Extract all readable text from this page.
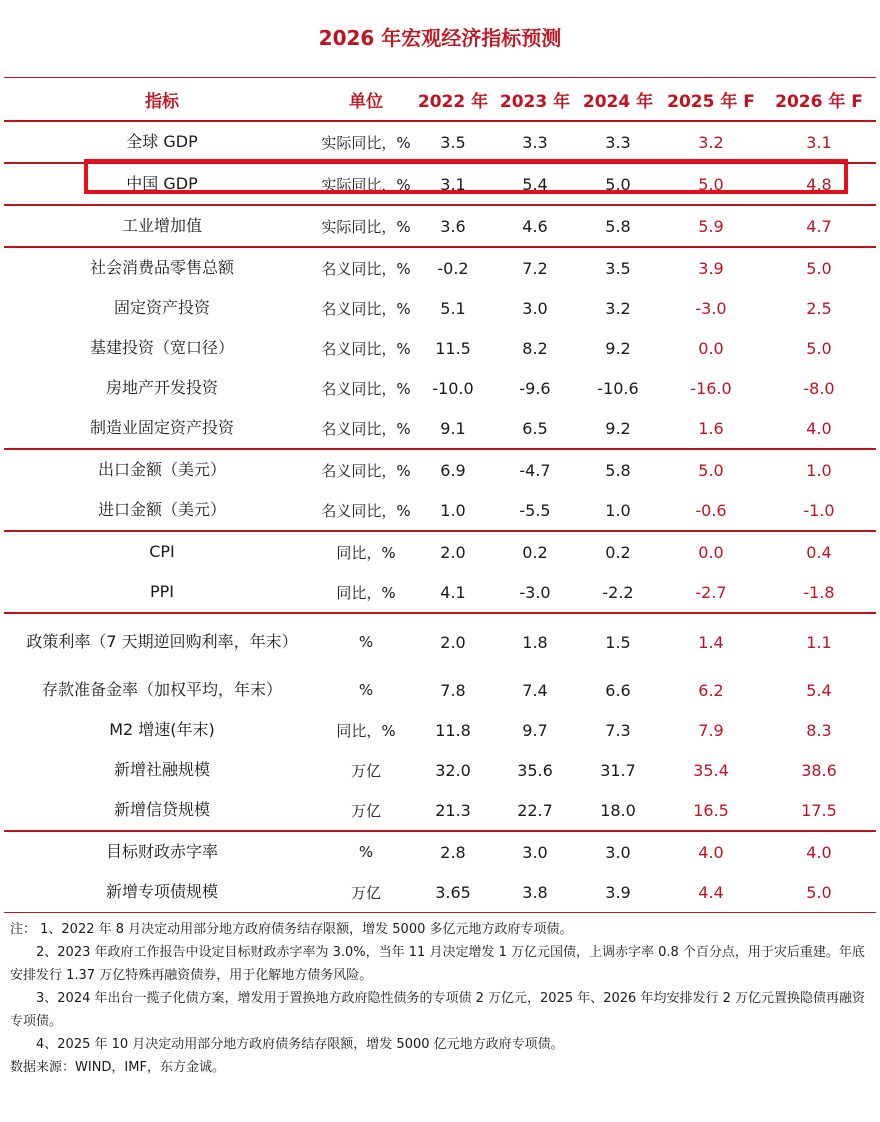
2026 年宏观经济指标预测
指标	单位	2022 年	2023 年	2024 年	2025 年 F	2026 年 F
全球 GDP	实际同比，%	3.5	3.3	3.3	3.2	3.1
中国 GDP	实际同比，%	3.1	5.4	5.0	5.0	4.8
工业增加值	实际同比，%	3.6	4.6	5.8	5.9	4.7
社会消费品零售总额	名义同比，%	-0.2	7.2	3.5	3.9	5.0
固定资产投资	名义同比，%	5.1	3.0	3.2	-3.0	2.5
基建投资（宽口径）	名义同比，%	11.5	8.2	9.2	0.0	5.0
房地产开发投资	名义同比，%	-10.0	-9.6	-10.6	-16.0	-8.0
制造业固定资产投资	名义同比，%	9.1	6.5	9.2	1.6	4.0
出口金额（美元）	名义同比，%	6.9	-4.7	5.8	5.0	1.0
进口金额（美元）	名义同比，%	1.0	-5.5	1.0	-0.6	-1.0
CPI	同比，%	2.0	0.2	0.2	0.0	0.4
PPI	同比，%	4.1	-3.0	-2.2	-2.7	-1.8
政策利率（7 天期逆回购利率，年末）	%	2.0	1.8	1.5	1.4	1.1
存款准备金率（加权平均，年末）	%	7.8	7.4	6.6	6.2	5.4
M2 增速(年末)	同比，%	11.8	9.7	7.3	7.9	8.3
新增社融规模	万亿	32.0	35.6	31.7	35.4	38.6
新增信贷规模	万亿	21.3	22.7	18.0	16.5	17.5
目标财政赤字率	%	2.8	3.0	3.0	4.0	4.0
新增专项债规模	万亿	3.65	3.8	3.9	4.4	5.0

注： 1、2022 年 8 月决定动用部分地方政府债务结存限额，增发 5000 多亿元地方政府专项债。

2、2023 年政府工作报告中设定目标财政赤字率为 3.0%，当年 11 月决定增发 1 万亿元国债，上调赤字率 0.8 个百分点，用于灾后重建。年底安排发行 1.37 万亿特殊再融资债券，用于化解地方债务风险。

3、2024 年出台一揽子化债方案，增发用于置换地方政府隐性债务的专项债 2 万亿元，2025 年、2026 年均安排发行 2 万亿元置换隐债再融资专项债。

4、2025 年 10 月决定动用部分地方政府债务结存限额，增发 5000 亿元地方政府专项债。

数据来源：WIND，IMF，东方金诚。
